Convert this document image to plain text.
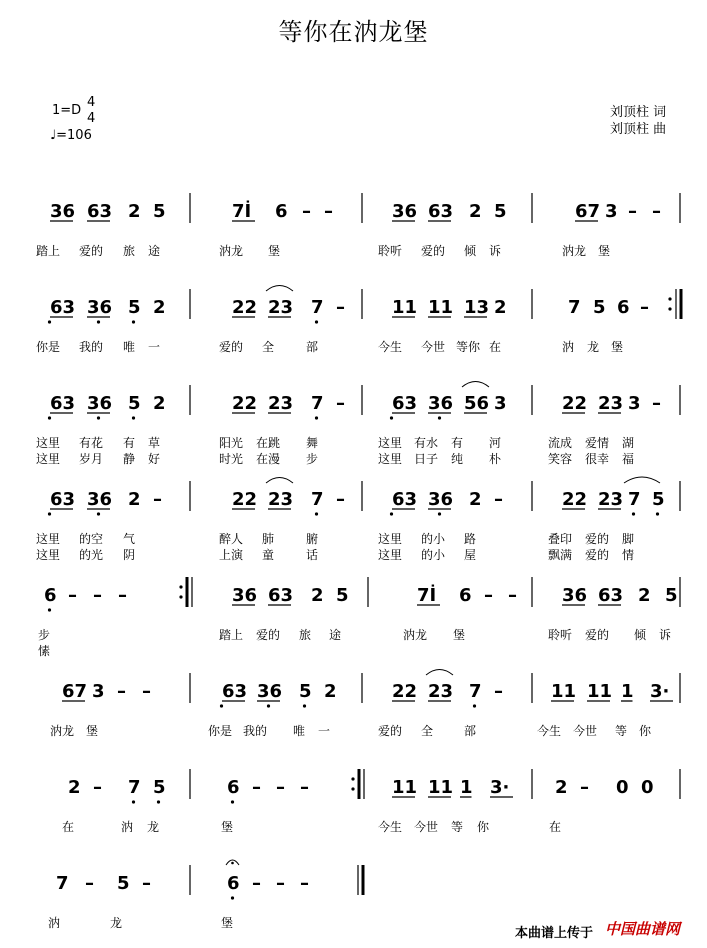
等你在汭龙堡
1=D
4
4
♩=106
刘顶柱 词
刘顶柱 曲
36 63 2 5	7İ 6 – –	36 63 2 5	67 3 – –
踏上 爱的 旅 途	汭龙 堡	聆听 爱的 倾 诉	汭龙 堡
63 36 5 2	22 23 7 –	11 11 13 2	7 5 6 –
你是 我的 唯 一	爱的 全	部	今生 今世 等你 在	汭 龙 堡
63 36 5 2	22 23 7 –	63 36 56 3	22 23 3 –
这里 有花 有 草	阳光 在跳 舞	这里 有水 有 河	流成 爱情 湖
这里 岁月 静 好	时光 在漫 步	这里 日子 纯 朴	笑容 很幸 福
63 36 2 –	22 23 7 –	63 36 2 –	22 23 7 5
这里 的空 气	醉人 肺	腑	这里 的小 路	叠印 爱的 脚
这里 的光 阴	上演 童	话	这里 的小 屋	飘满 爱的 情
6 – – –	36 63 2 5	7İ 6 – –	36 63 2 5
步	踏上 爱的 旅 途	汭龙 堡	聆听 爱的 倾 诉
愫
67 3 – –	63 36 5 2	22 23 7 –	11 11 1 3·
汭龙 堡	你是 我的 唯 一	爱的 全	部	今生 今世 等 你
2 – 7 5	6 – – –	11 11 1 3·	2 – 0 0
在	汭 龙	堡	今生 今世 等 你	在
7 – 5 –	6 – – –
汭	龙	堡
本曲谱上传于 中国曲谱网
